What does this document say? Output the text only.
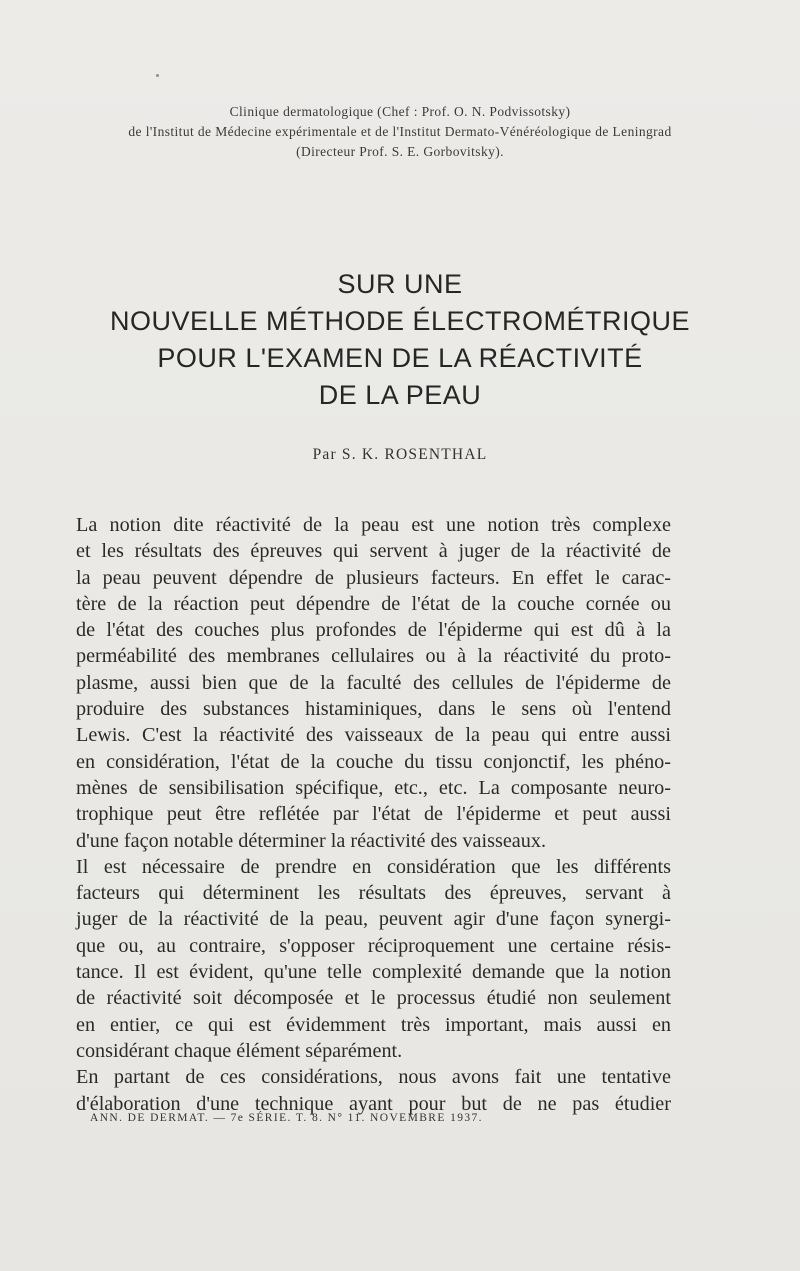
Clinique dermatologique (Chef : Prof. O. N. Podvissotsky)
de l'Institut de Médecine expérimentale et de l'Institut Dermato-Vénéréologique de Leningrad
(Directeur Prof. S. E. Gorbovitsky).
SUR UNE
NOUVELLE MÉTHODE ÉLECTROMÉTRIQUE
POUR L'EXAMEN DE LA RÉACTIVITÉ
DE LA PEAU
Par S. K. ROSENTHAL
La notion dite réactivité de la peau est une notion très complexe
et les résultats des épreuves qui servent à juger de la réactivité de
la peau peuvent dépendre de plusieurs facteurs. En effet le carac-
tère de la réaction peut dépendre de l'état de la couche cornée ou
de l'état des couches plus profondes de l'épiderme qui est dû à la
perméabilité des membranes cellulaires ou à la réactivité du proto-
plasme, aussi bien que de la faculté des cellules de l'épiderme de
produire des substances histaminiques, dans le sens où l'entend
Lewis. C'est la réactivité des vaisseaux de la peau qui entre aussi
en considération, l'état de la couche du tissu conjonctif, les phéno-
mènes de sensibilisation spécifique, etc., etc. La composante neuro-
trophique peut être reflétée par l'état de l'épiderme et peut aussi
d'une façon notable déterminer la réactivité des vaisseaux.
Il est nécessaire de prendre en considération que les différents
facteurs qui déterminent les résultats des épreuves, servant à
juger de la réactivité de la peau, peuvent agir d'une façon synergi-
que ou, au contraire, s'opposer réciproquement une certaine résis-
tance. Il est évident, qu'une telle complexité demande que la notion
de réactivité soit décomposée et le processus étudié non seulement
en entier, ce qui est évidemment très important, mais aussi en
considérant chaque élément séparément.
En partant de ces considérations, nous avons fait une tentative
d'élaboration d'une technique ayant pour but de ne pas étudier
ANN. DE DERMAT. — 7e SÉRIE. T. 8. N° 11. NOVEMBRE 1937.
